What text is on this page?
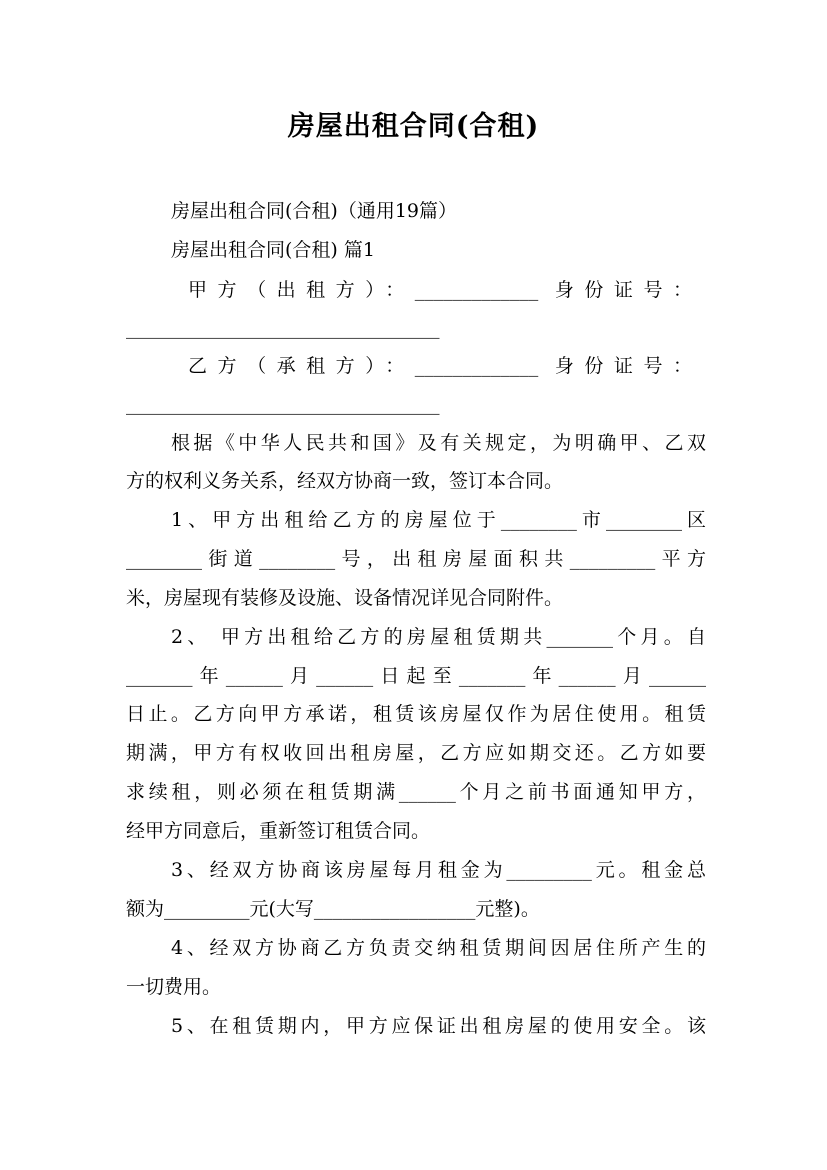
房屋出租合同(合租)
房屋出租合同(合租)（通用19篇）
房屋出租合同(合租) 篇1
甲方（出租方）：_____________ 身份证号：
_________________________________
乙方（承租方）：_____________ 身份证号：
_________________________________
根据《中华人民共和国》及有关规定，为明确甲、乙双
方的权利义务关系，经双方协商一致，签订本合同。
1、甲方出租给乙方的房屋位于________市________区
________街道________号，出租房屋面积共_________平方
米，房屋现有装修及设施、设备情况详见合同附件。
2、 甲方出租给乙方的房屋租赁期共_______个月。自
_______年______月______日起至_______年______月______
日止。乙方向甲方承诺，租赁该房屋仅作为居住使用。租赁
期满，甲方有权收回出租房屋，乙方应如期交还。乙方如要
求续租，则必须在租赁期满______个月之前书面通知甲方，
经甲方同意后，重新签订租赁合同。
3、经双方协商该房屋每月租金为_________元。租金总
额为_________元(大写_________________元整)。
4、经双方协商乙方负责交纳租赁期间因居住所产生的
一切费用。
5、在租赁期内，甲方应保证出租房屋的使用安全。该
